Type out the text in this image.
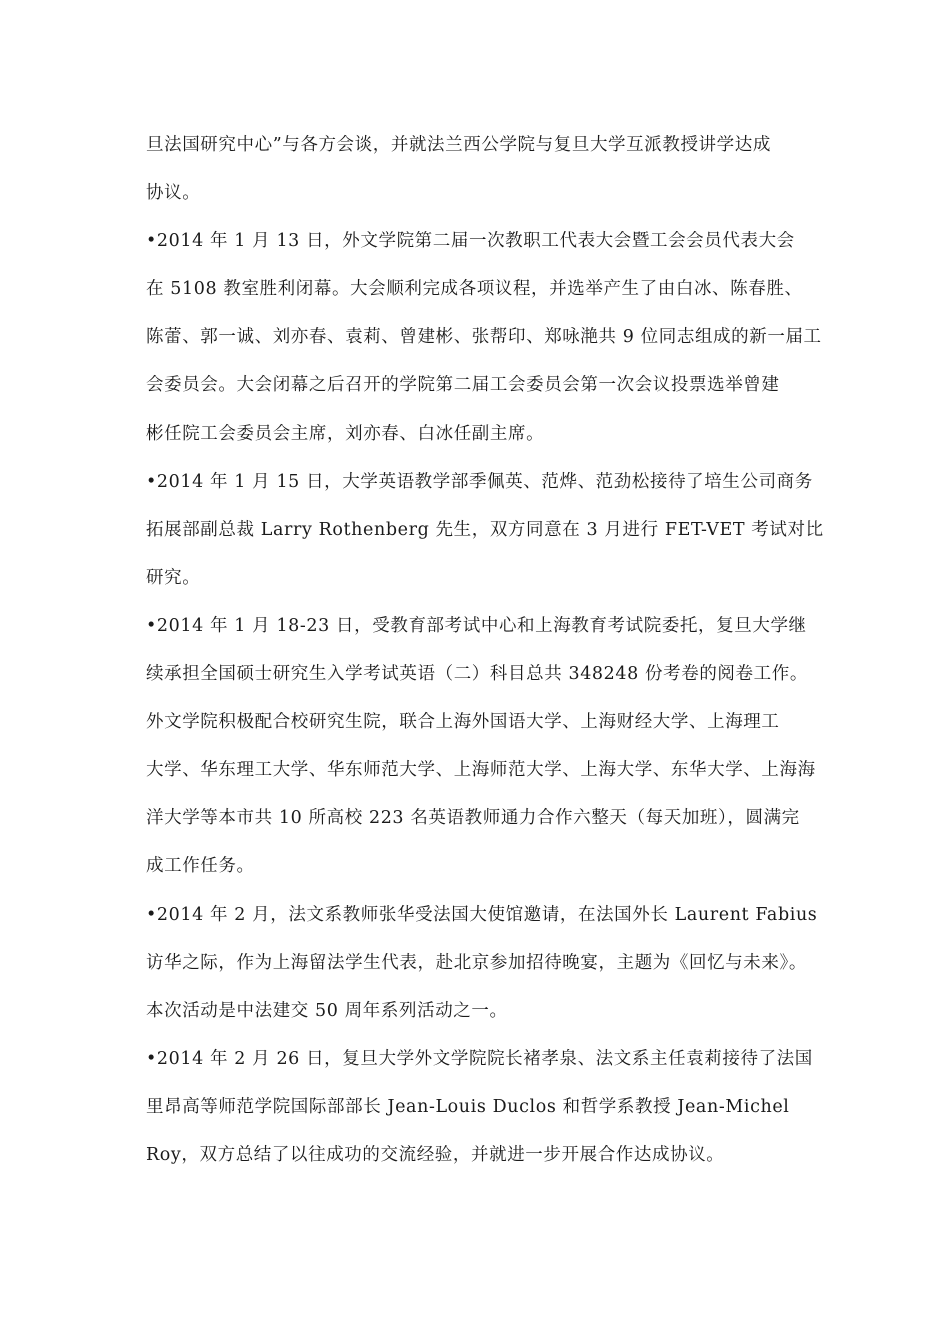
旦法国研究中心”与各方会谈，并就法兰西公学院与复旦大学互派教授讲学达成
协议。
•2014 年 1 月 13 日，外文学院第二届一次教职工代表大会暨工会会员代表大会
在 5108 教室胜利闭幕。大会顺利完成各项议程，并选举产生了由白冰、陈春胜、
陈蕾、郭一诚、刘亦春、袁莉、曾建彬、张帮印、郑咏滟共 9 位同志组成的新一届工
会委员会。大会闭幕之后召开的学院第二届工会委员会第一次会议投票选举曾建
彬任院工会委员会主席，刘亦春、白冰任副主席。
•2014 年 1 月 15 日，大学英语教学部季佩英、范烨、范劲松接待了培生公司商务
拓展部副总裁 Larry Rothenberg 先生，双方同意在 3 月进行 FET-VET 考试对比
研究。
•2014 年 1 月 18-23 日，受教育部考试中心和上海教育考试院委托，复旦大学继
续承担全国硕士研究生入学考试英语（二）科目总共 348248 份考卷的阅卷工作。
外文学院积极配合校研究生院，联合上海外国语大学、上海财经大学、上海理工
大学、华东理工大学、华东师范大学、上海师范大学、上海大学、东华大学、上海海
洋大学等本市共 10 所高校 223 名英语教师通力合作六整天（每天加班），圆满完
成工作任务。
•2014 年 2 月，法文系教师张华受法国大使馆邀请，在法国外长 Laurent Fabius
访华之际，作为上海留法学生代表，赴北京参加招待晚宴，主题为《回忆与未来》。
本次活动是中法建交 50 周年系列活动之一。
•2014 年 2 月 26 日，复旦大学外文学院院长褚孝泉、法文系主任袁莉接待了法国
里昂高等师范学院国际部部长 Jean-Louis Duclos 和哲学系教授 Jean-Michel
Roy，双方总结了以往成功的交流经验，并就进一步开展合作达成协议。
